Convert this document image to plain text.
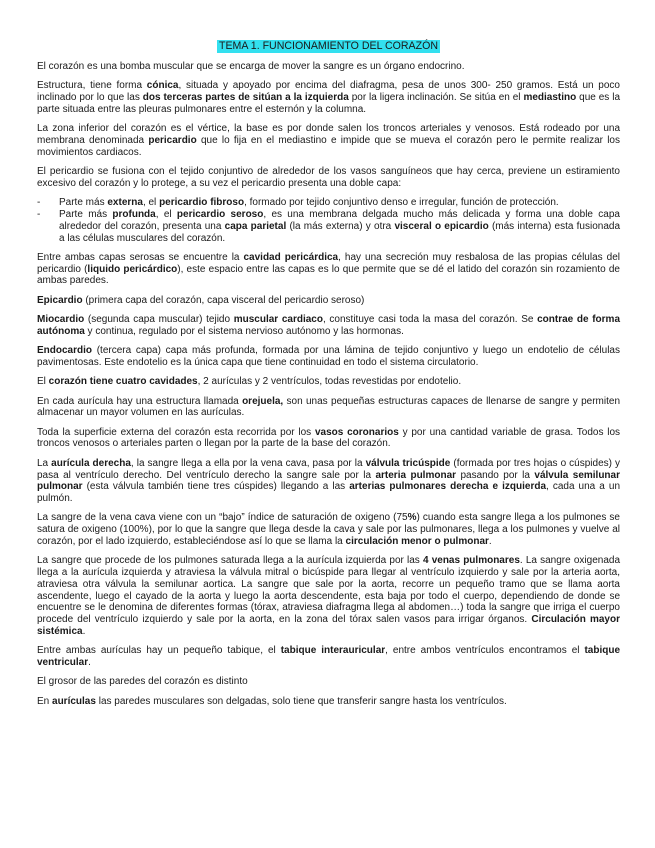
TEMA 1. FUNCIONAMIENTO DEL CORAZÓN

El corazón es una bomba muscular que se encarga de mover la sangre es un órgano endocrino.

Estructura, tiene forma cónica, situada y apoyado por encima del diafragma, pesa de unos 300- 250 gramos. Está un poco inclinado por lo que las dos terceras partes de sitúan a la izquierda por la ligera inclinación. Se sitúa en el mediastino que es la parte situada entre las pleuras pulmonares entre el esternón y la columna.

La zona inferior del corazón es el vértice, la base es por donde salen los troncos arteriales y venosos. Está rodeado por una membrana denominada pericardio que lo fija en el mediastino e impide que se mueva el corazón pero le permite realizar los movimientos cardiacos.

El pericardio se fusiona con el tejido conjuntivo de alrededor de los vasos sanguíneos que hay cerca, previene un estiramiento excesivo del corazón y lo protege, a su vez el pericardio presenta una doble capa:

- Parte más externa, el pericardio fibroso, formado por tejido conjuntivo denso e irregular, función de protección.
- Parte más profunda, el pericardio seroso, es una membrana delgada mucho más delicada y forma una doble capa alrededor del corazón, presenta una capa parietal (la más externa) y otra visceral o epicardio (más interna) esta fusionada a las células musculares del corazón.

Entre ambas capas serosas se encuentre la cavidad pericárdica, hay una secreción muy resbalosa de las propias células del pericardio (liquido pericárdico), este espacio entre las capas es lo que permite que se dé el latido del corazón sin rozamiento de ambas paredes.

Epicardio (primera capa del corazón, capa visceral del pericardio seroso)

Miocardio (segunda capa muscular) tejido muscular cardiaco, constituye casi toda la masa del corazón. Se contrae de forma autónoma y continua, regulado por el sistema nervioso autónomo y las hormonas.

Endocardio (tercera capa) capa más profunda, formada por una lámina de tejido conjuntivo y luego un endotelio de células pavimentosas. Este endotelio es la única capa que tiene continuidad en todo el sistema circulatorio.

El corazón tiene cuatro cavidades, 2 aurículas y 2 ventrículos, todas revestidas por endotelio.

En cada aurícula hay una estructura llamada orejuela, son unas pequeñas estructuras capaces de llenarse de sangre y permiten almacenar un mayor volumen en las aurículas.

Toda la superficie externa del corazón esta recorrida por los vasos coronarios y por una cantidad variable de grasa. Todos los troncos venosos o arteriales parten o llegan por la parte de la base del corazón.

La aurícula derecha, la sangre llega a ella por la vena cava, pasa por la válvula tricúspide (formada por tres hojas o cúspides) y pasa al ventrículo derecho. Del ventrículo derecho la sangre sale por la arteria pulmonar pasando por la válvula semilunar pulmonar (esta válvula también tiene tres cúspides) llegando a las arterias pulmonares derecha e izquierda, cada una a un pulmón.

La sangre de la vena cava viene con un “bajo” índice de saturación de oxigeno (75%) cuando esta sangre llega a los pulmones se satura de oxigeno (100%), por lo que la sangre que llega desde la cava y sale por las pulmonares, llega a los pulmones y vuelve al corazón, por el lado izquierdo, estableciéndose así lo que se llama la circulación menor o pulmonar.

La sangre que procede de los pulmones saturada llega a la aurícula izquierda por las 4 venas pulmonares. La sangre oxigenada llega a la aurícula izquierda y atraviesa la válvula mitral o bicúspide para llegar al ventrículo izquierdo y sale por la arteria aorta, atraviesa otra válvula la semilunar aortica. La sangre que sale por la aorta, recorre un pequeño tramo que se llama aorta ascendente, luego el cayado de la aorta y luego la aorta descendente, esta baja por todo el cuerpo, dependiendo de donde se encuentre se le denomina de diferentes formas (tórax, atraviesa diafragma llega al abdomen…) toda la sangre que irriga el cuerpo procede del ventrículo izquierdo y sale por la aorta, en la zona del tórax salen vasos para irrigar órganos. Circulación mayor sistémica.

Entre ambas aurículas hay un pequeño tabique, el tabique interauricular, entre ambos ventrículos encontramos el tabique ventricular.

El grosor de las paredes del corazón es distinto

En aurículas las paredes musculares son delgadas, solo tiene que transferir sangre hasta los ventrículos.
